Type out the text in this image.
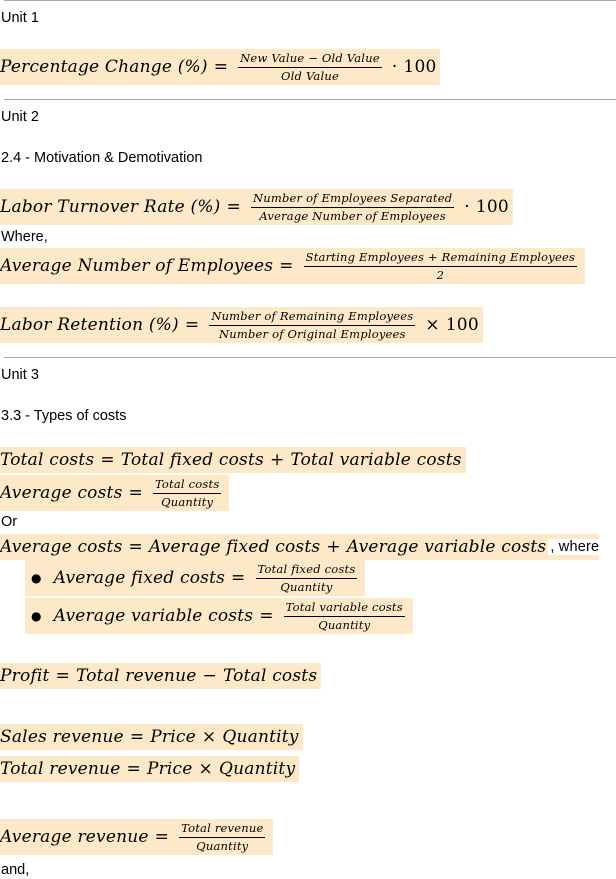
Unit 1
Percentage Change (%) = $\frac{\text{New Value − Old Value}}{\text{Old Value}} \cdot 100$
Unit 2
2.4 - Motivation & Demotivation
Labor Turnover Rate (%) = $\frac{\text{Number of Employees Separated}}{\text{Average Number of Employees}} \cdot 100$
Where,
Average Number of Employees = $\frac{\text{Starting Employees + Remaining Employees}}{2}$
Labor Retention (%) = $\frac{\text{Number of Remaining Employees}}{\text{Number of Original Employees}} \times 100$
Unit 3
3.3 - Types of costs
Total costs = Total fixed costs + Total variable costs
Average costs = $\frac{\text{Total costs}}{\text{Quantity}}$
Or
Average costs = Average fixed costs + Average variable costs , where
● Average fixed costs = $\frac{\text{Total fixed costs}}{\text{Quantity}}$
● Average variable costs = $\frac{\text{Total variable costs}}{\text{Quantity}}$
Profit = Total revenue − Total costs
Sales revenue = Price × Quantity
Total revenue = Price × Quantity
Average revenue = $\frac{\text{Total revenue}}{\text{Quantity}}$
and,
